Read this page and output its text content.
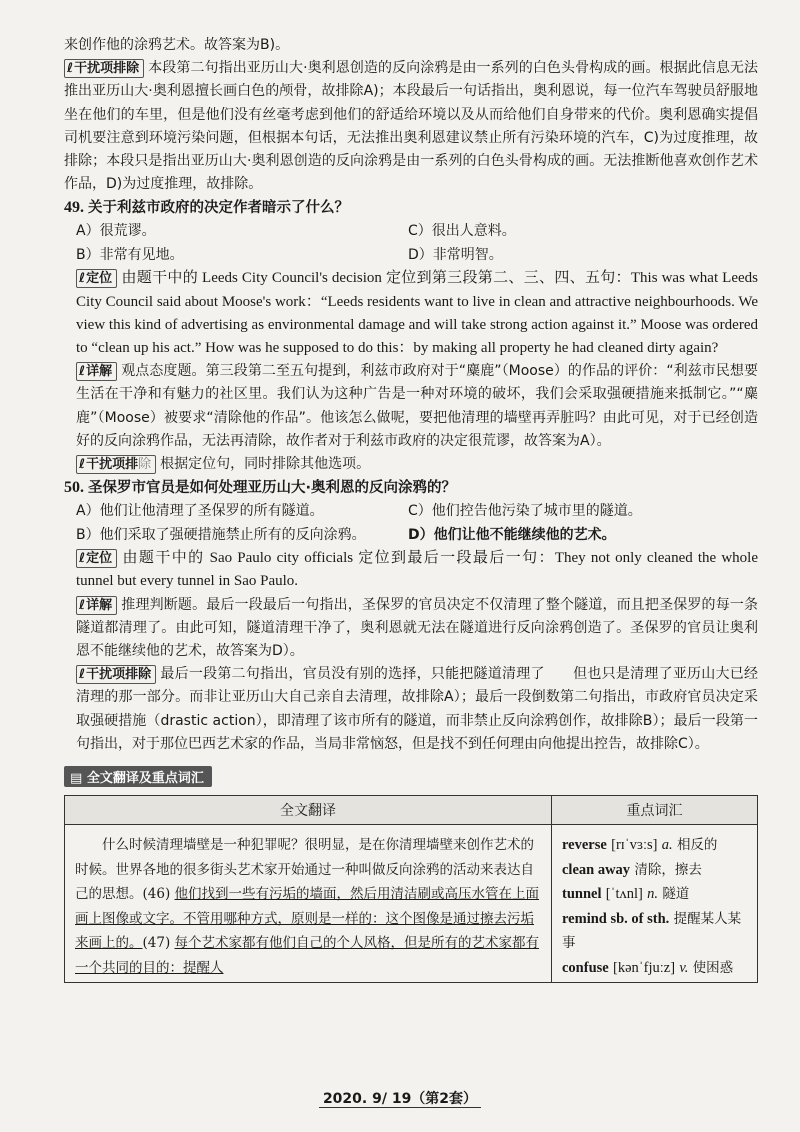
来创作他的涂鸦艺术。故答案为B)。

ℓ干扰项排除 本段第二句指出亚历山大·奥利恩创造的反向涂鸦是由一系列的白色头骨构成的画。根据此信息无法推出亚历山大·奥利恩擅长画白色的颅骨，故排除A)；本段最后一句话指出，奥利恩说，每一位汽车驾驶员舒服地坐在他们的车里，但是他们没有丝毫考虑到他们的舒适给环境以及从而给他们自身带来的代价。奥利恩确实提倡司机要注意到环境污染问题，但根据本句话，无法推出奥利恩建议禁止所有污染环境的汽车，C)为过度推理，故排除；本段只是指出亚历山大·奥利恩创造的反向涂鸦是由一系列的白色头骨构成的画。无法推断他喜欢创作艺术作品，D)为过度推理，故排除。

49. 关于利兹市政府的决定作者暗示了什么？

A）很荒谬。	C）很出人意料。
B）非常有见地。	D）非常明智。

ℓ定位 由题干中的 Leeds City Council's decision 定位到第三段第二、三、四、五句：This was what Leeds City Council said about Moose's work：“Leeds residents want to live in clean and attractive neighbourhoods. We view this kind of advertising as environmental damage and will take strong action against it.” Moose was ordered to “clean up his act.” How was he supposed to do this：by making all property he had cleaned dirty again?

ℓ详解 观点态度题。第三段第二至五句提到，利兹市政府对于“麋鹿”（Moose）的作品的评价：“利兹市民想要生活在干净和有魅力的社区里。我们认为这种广告是一种对环境的破坏，我们会采取强硬措施来抵制它。”“麋鹿”（Moose）被要求“清除他的作品”。他该怎么做呢，要把他清理的墙壁再弄脏吗？由此可见，对于已经创造好的反向涂鸦作品，无法再清除，故作者对于利兹市政府的决定很荒谬，故答案为A）。

ℓ干扰项排除 根据定位句，同时排除其他选项。

50. 圣保罗市官员是如何处理亚历山大·奥利恩的反向涂鸦的？

A）他们让他清理了圣保罗的所有隧道。	C）他们控告他污染了城市里的隧道。
B）他们采取了强硬措施禁止所有的反向涂鸦。	D）他们让他不能继续他的艺术。

ℓ定位 由题干中的 Sao Paulo city officials 定位到最后一段最后一句：They not only cleaned the whole tunnel but every tunnel in Sao Paulo.

ℓ详解 推理判断题。最后一段最后一句指出，圣保罗的官员决定不仅清理了整个隧道，而且把圣保罗的每一条隧道都清理了。由此可知，隧道清理干净了，奥利恩就无法在隧道进行反向涂鸦创造了。圣保罗的官员让奥利恩不能继续他的艺术，故答案为D）。

ℓ干扰项排除 最后一段第二句指出，官员没有别的选择，只能把隧道清理了　　但也只是清理了亚历山大已经清理的那一部分。而非让亚历山大自己亲自去清理，故排除A）；最后一段倒数第二句指出，市政府官员决定采取强硬措施（drastic action），即清理了该市所有的隧道，而非禁止反向涂鸦创作，故排除B）；最后一段第一句指出，对于那位巴西艺术家的作品，当局非常恼怒，但是找不到任何理由向他提出控告，故排除C）。

▤ 全文翻译及重点词汇
全文翻译	重点词汇
  什么时候清理墙壁是一种犯罪呢？很明显，是在你清理墙壁来创作艺术的时候。世界各地的很多街头艺术家开始通过一种叫做反向涂鸦的活动来表达自己的思想。(46) 他们找到一些有污垢的墙面，然后用清洁刷或高压水管在上面画上图像或文字。不管用哪种方式，原则是一样的：这个图像是通过擦去污垢来画上的。(47) 每个艺术家都有他们自己的个人风格，但是所有的艺术家都有一个共同的目的：提醒人	reverse [rɪˈvɜːs] a. 相反的
clean away 清除，擦去
tunnel [ˈtʌnl] n. 隧道
remind sb. of sth. 提醒某人某事
confuse [kənˈfjuːz] v. 使困惑
2020. 9/ 19（第2套）
